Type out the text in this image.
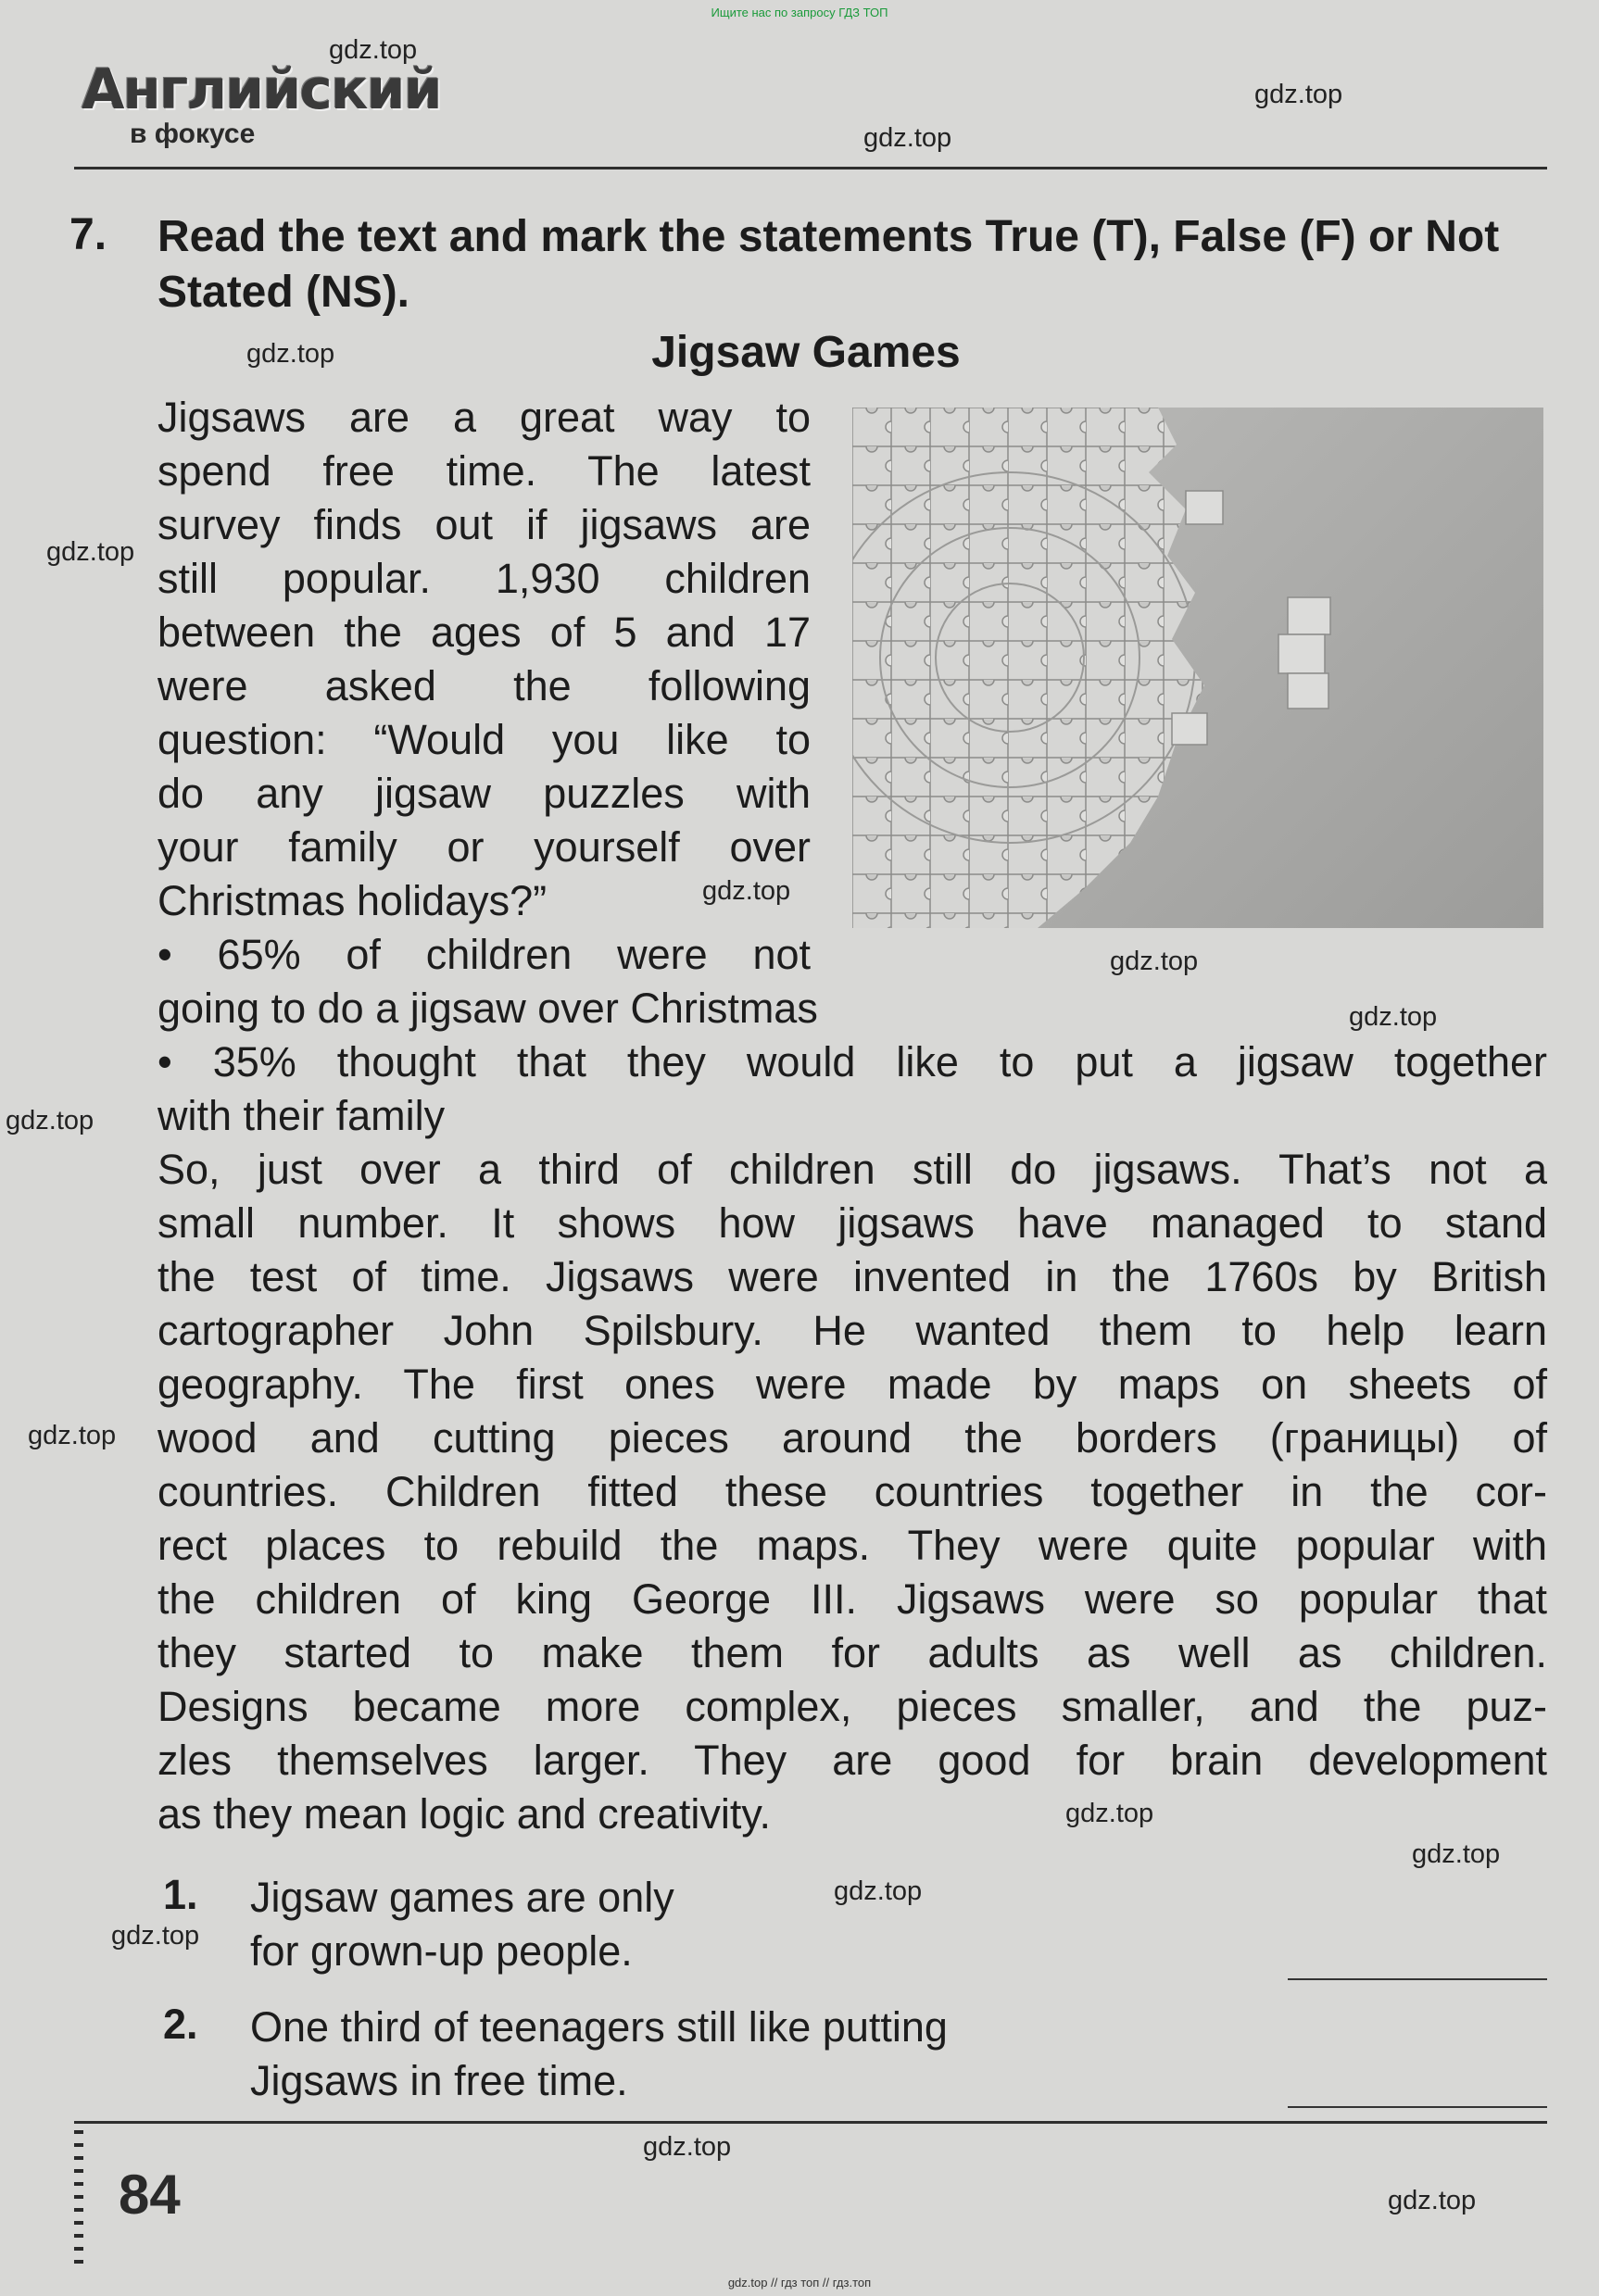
Ищите нас по запросу ГДЗ ТОП
Английский
в фокусе
7. Read the text and mark the statements True (T), False (F) or Not Stated (NS).
Jigsaw Games
Jigsaws are a great way to
spend free time. The latest
survey finds out if jigsaws are
still popular. 1,930 children
between the ages of 5 and 17
were asked the following
question: “Would you like to
do any jigsaw puzzles with
your family or yourself over
Christmas holidays?”
• 65% of children were not
going to do a jigsaw over Christmas
• 35% thought that they would like to put a jigsaw together
with their family
So, just over a third of children still do jigsaws. That’s not a
small number. It shows how jigsaws have managed to stand
the test of time. Jigsaws were invented in the 1760s by British
cartographer John Spilsbury. He wanted them to help learn
geography. The first ones were made by maps on sheets of
wood and cutting pieces around the borders (границы) of
countries. Children fitted these countries together in the cor-
rect places to rebuild the maps. They were quite popular with
the children of king George III. Jigsaws were so popular that
they started to make them for adults as well as children.
Designs became more complex, pieces smaller, and the puz-
zles themselves larger. They are good for brain development
as they mean logic and creativity.
1. Jigsaw games are only
for grown-up people.
2. One third of teenagers still like putting
Jigsaws in free time.
84
gdz.top
gdz.top
gdz.top
gdz.top
gdz.top
gdz.top
gdz.top
gdz.top
gdz.top
gdz.top
gdz.top
gdz.top
gdz.top
gdz.top
gdz.top
gdz.top
gdz.top // гдз топ // гдз.топ
